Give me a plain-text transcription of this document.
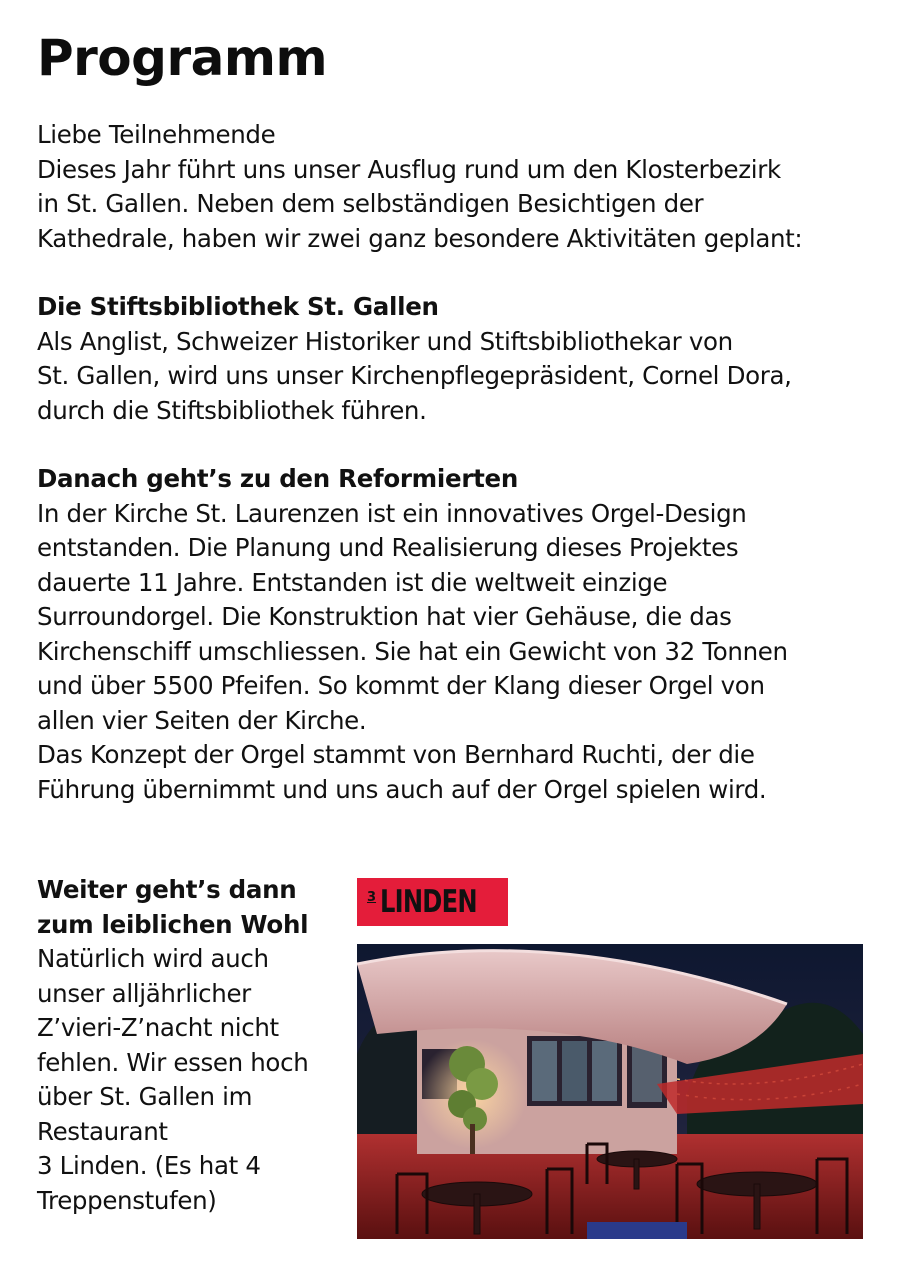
Programm
Liebe Teilnehmende
Dieses Jahr führt uns unser Ausflug rund um den Klosterbezirk
in St. Gallen. Neben dem selbständigen Besichtigen der
Kathedrale, haben wir zwei ganz besondere Aktivitäten geplant:
Die Stiftsbibliothek St. Gallen
Als Anglist, Schweizer Historiker und Stiftsbibliothekar von
St. Gallen, wird uns unser Kirchenpflegepräsident, Cornel Dora,
durch die Stiftsbibliothek führen.
Danach geht’s zu den Reformierten
In der Kirche St. Laurenzen ist ein innovatives Orgel-Design
entstanden. Die Planung und Realisierung dieses Projektes
dauerte 11 Jahre. Entstanden ist die weltweit einzige
Surroundorgel. Die Konstruktion hat vier Gehäuse, die das
Kirchenschiff umschliessen. Sie hat ein Gewicht von 32 Tonnen
und über 5500 Pfeifen. So kommt der Klang dieser Orgel von
allen vier Seiten der Kirche.
Das Konzept der Orgel stammt von Bernhard Ruchti, der die
Führung übernimmt und uns auch auf der Orgel spielen wird.
Weiter geht’s dann
zum leiblichen Wohl
Natürlich wird auch
unser alljährlicher
Z’vieri-Z’nacht nicht
fehlen. Wir essen hoch
über St. Gallen im
Restaurant
3 Linden. (Es hat 4
Treppenstufen)
3 LINDEN
